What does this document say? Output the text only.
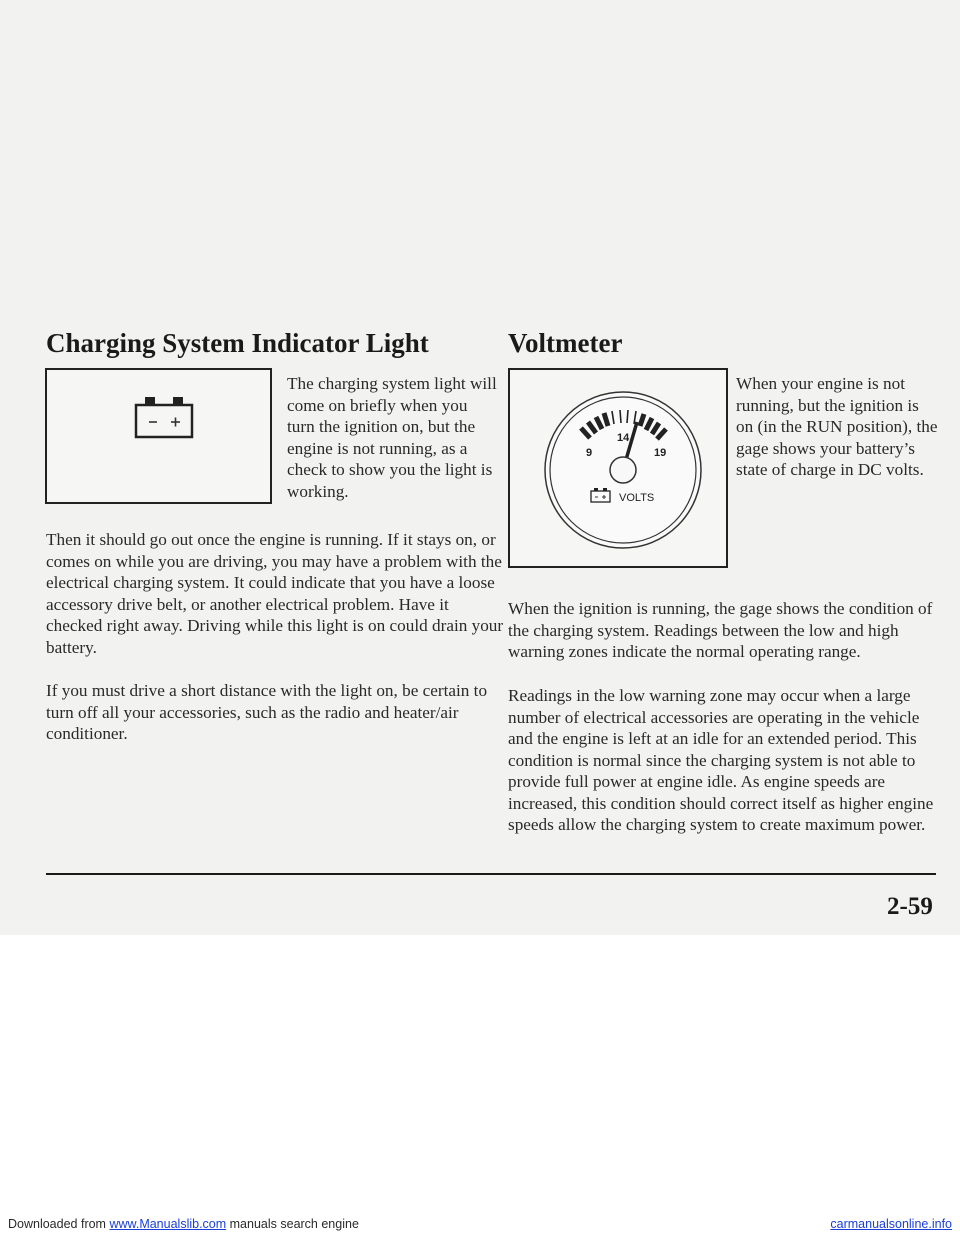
Charging System Indicator Light

The charging system light will come on briefly when you turn the ignition on, but the engine is not running, as a check to show you the light is working.

Then it should go out once the engine is running. If it stays on, or comes on while you are driving, you may have a problem with the electrical charging system. It could indicate that you have a loose accessory drive belt, or another electrical problem. Have it checked right away. Driving while this light is on could drain your battery.

If you must drive a short distance with the light on, be certain to turn off all your accessories, such as the radio and heater/air conditioner.

Voltmeter
9
14
19
VOLTS

When your engine is not running, but the ignition is on (in the RUN position), the gage shows your battery’s state of charge in DC volts.

When the ignition is running, the gage shows the condition of the charging system. Readings between the low and high warning zones indicate the normal operating range.

Readings in the low warning zone may occur when a large number of electrical accessories are operating in the vehicle and the engine is left at an idle for an extended period. This condition is normal since the charging system is not able to provide full power at engine idle. As engine speeds are increased, this condition should correct itself as higher engine speeds allow the charging system to create maximum power.

2-59
Downloaded from www.Manualslib.com manuals search engine	carmanualsonline.info
